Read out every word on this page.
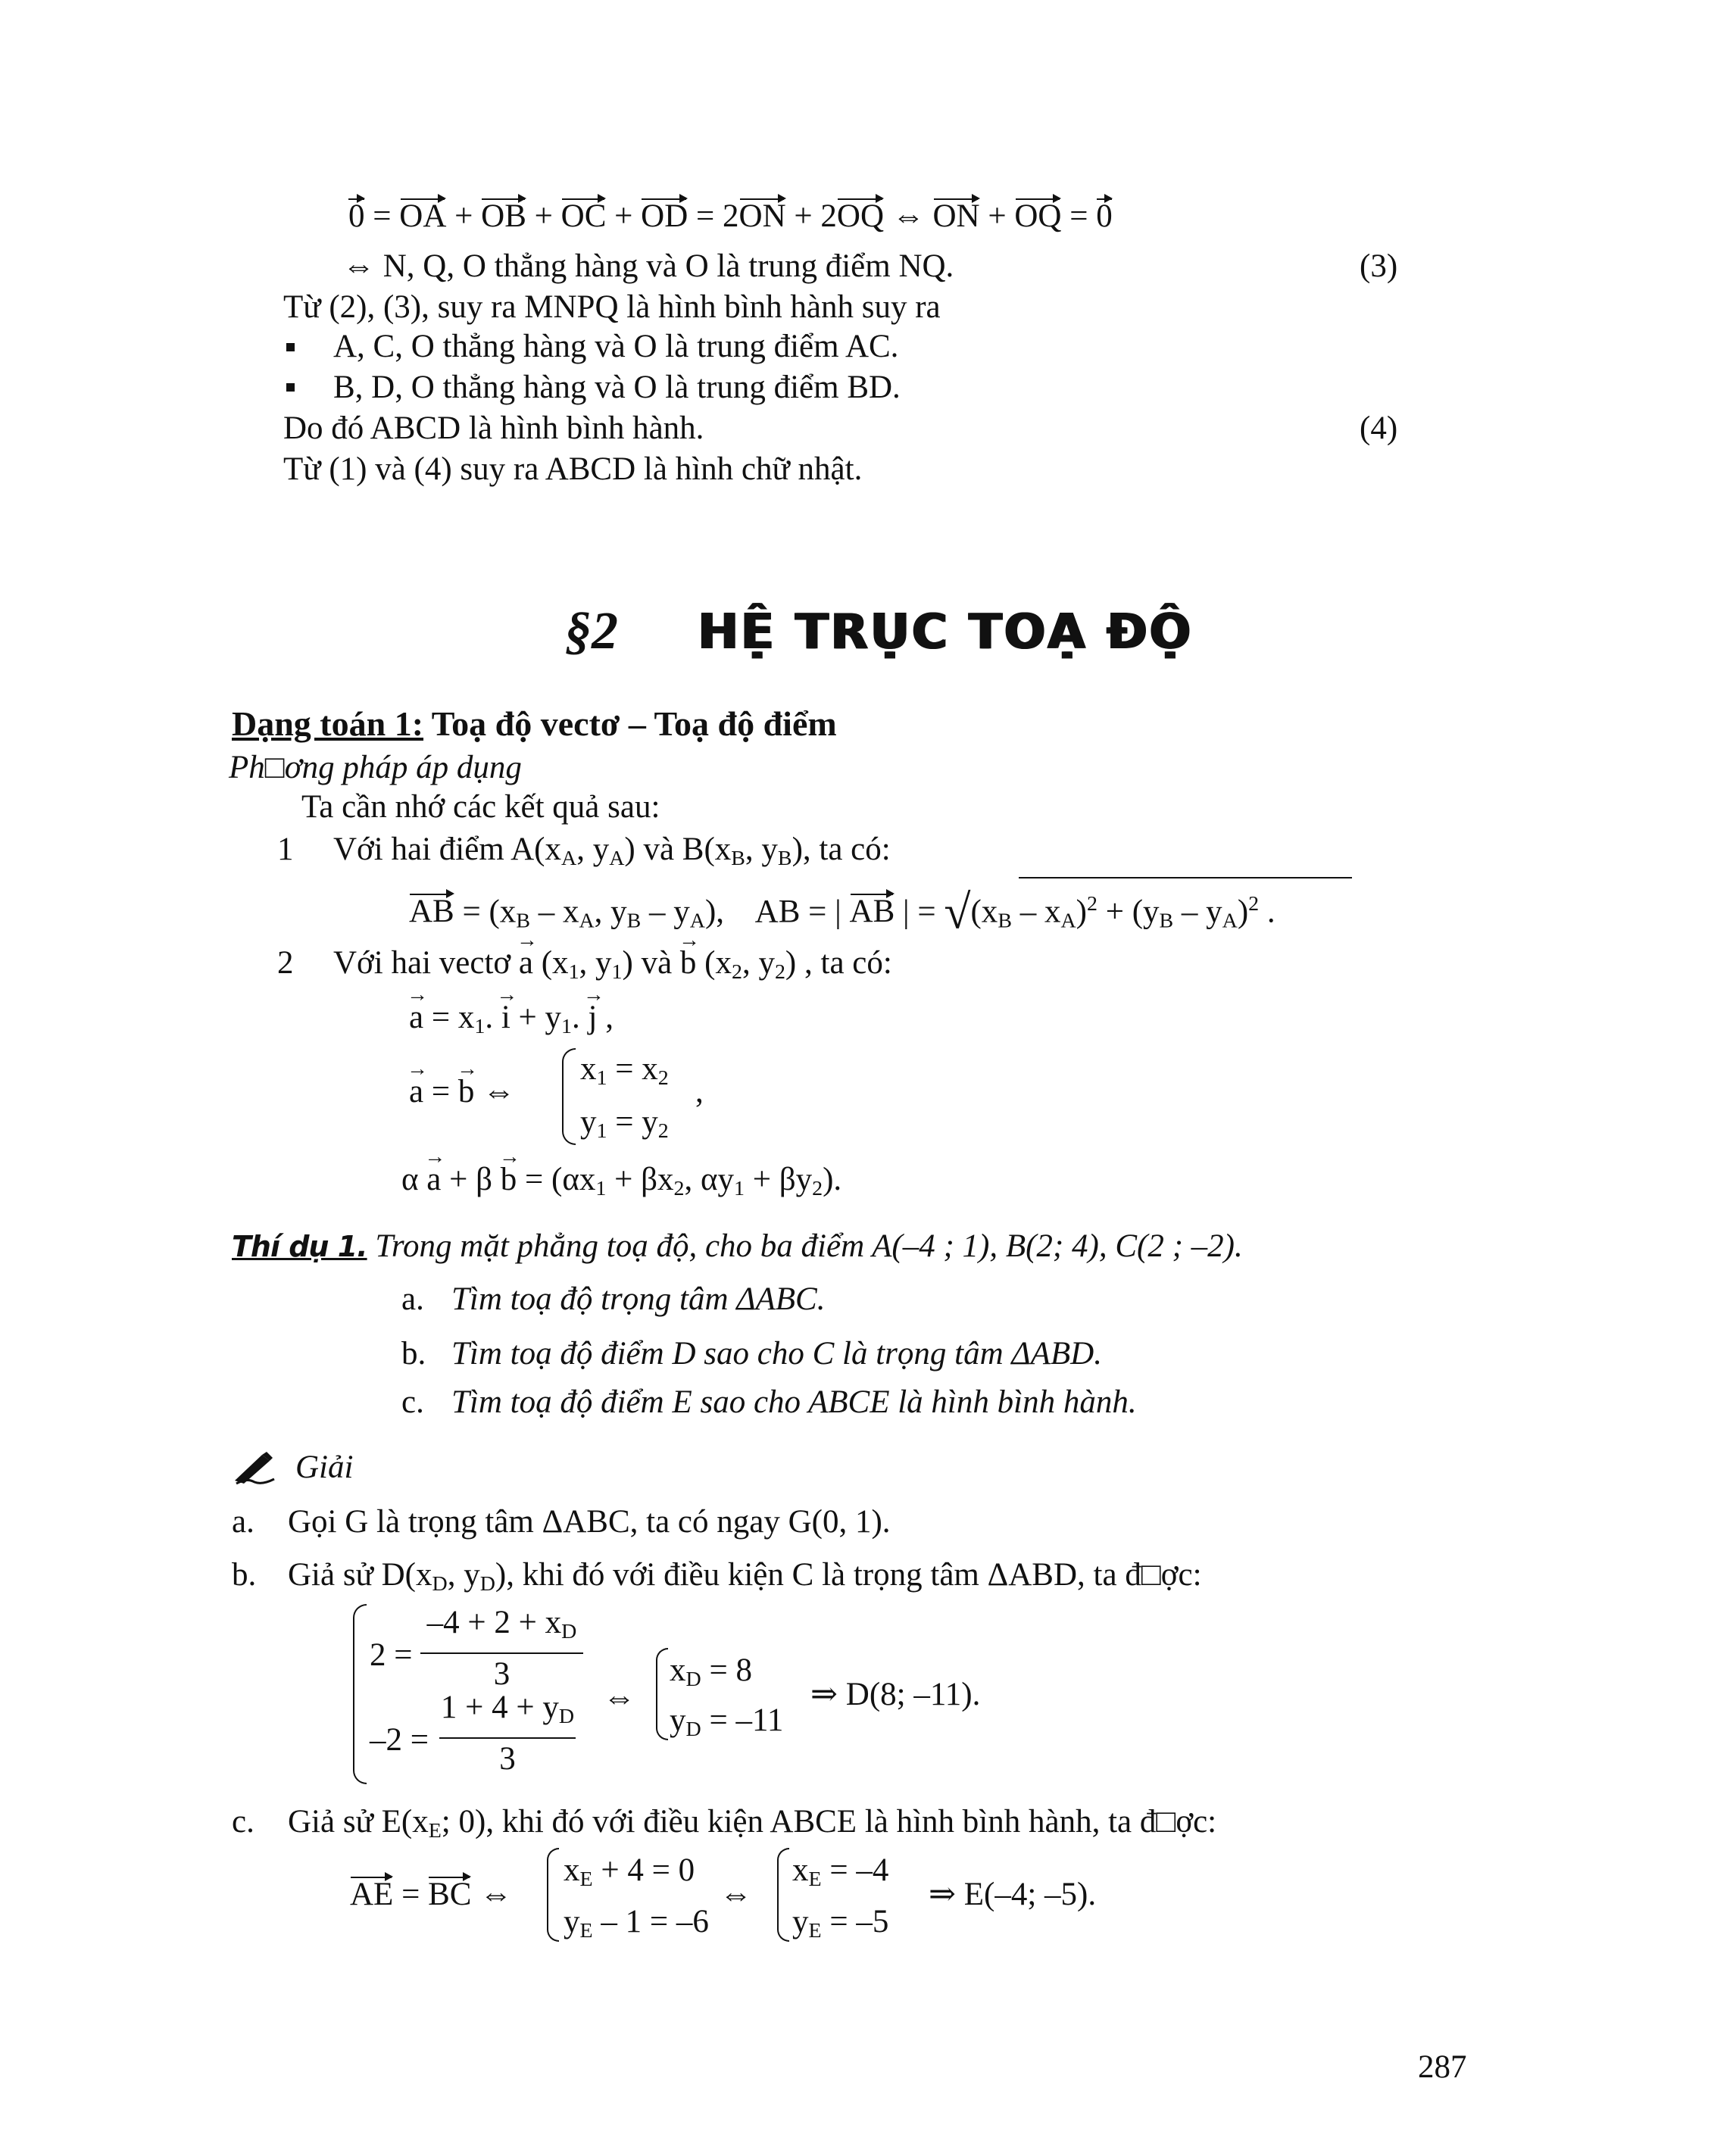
0 = OA + OB + OC + OD = 2ON + 2OQ ⇔ ON + OQ = 0
⇔ N, Q, O thẳng hàng và O là trung điểm NQ.	(3)
Từ (2), (3), suy ra MNPQ là hình bình hành suy ra
A, C, O thẳng hàng và O là trung điểm AC.
B, D, O thẳng hàng và O là trung điểm BD.
Do đó ABCD là hình bình hành.	(4)
Từ (1) và (4) suy ra ABCD là hình chữ nhật.
§2 HỆ TRỤC TOẠ ĐỘ
Dạng toán 1: Toạ độ vectơ – Toạ độ điểm
Ph□ơng pháp áp dụng
Ta cần nhớ các kết quả sau:
1 Với hai điểm $A(x_A$, $y_A$) và $B(x_B$, $y_B$), ta có:
AB = ($x_B - x_A$, $y_B - y_A$),    AB = | AB | = $√(x_B - x_A)^2 + (y_B - y_A)^2$ .
2 Với hai vectơ $a \to (x_1$, $y_1$) và $b \to (x_2$, $y_2$) , ta có:
a → = $x_1$. i → + $y_1$. j → ,
a → = b → ⇔
$x_1 = x_2$ ,
$y_1 = y_2$
α a → + β b → = ($\alpha x_1 + \beta x_2$, $\alpha y_1 + \beta y_2$).
Thí dụ 1. Trong mặt phẳng toạ độ, cho ba điểm A(–4 ; 1), B(2; 4), C(2 ; –2).
a. Tìm toạ độ trọng tâm ΔABC.
b. Tìm toạ độ điểm D sao cho C là trọng tâm ΔABD.
c. Tìm toạ độ điểm E sao cho ABCE là hình bình hành.
Giải
a. Gọi G là trọng tâm ΔABC, ta có ngay G(0, 1).
b. Giả sử $D(x_D$, $y_D$), khi đó với điều kiện C là trọng tâm ΔABD, ta đ□ợc:
2 =
$-4 + 2 + x_D$
3
–2 =
$1 + 4 + y_D$
3
⇔
$x_D = 8$
$y_D = -11$
⇒ D(8; –11).
c. Giả sử $E(x_E$; 0), khi đó với điều kiện ABCE là hình bình hành, ta đ□ợc:
AE = BC ⇔
$x_E + 4 = 0$
$y_E - 1 = -6$
⇔
$x_E = -4$
$y_E = -5$
⇒ E(–4; –5).
287
